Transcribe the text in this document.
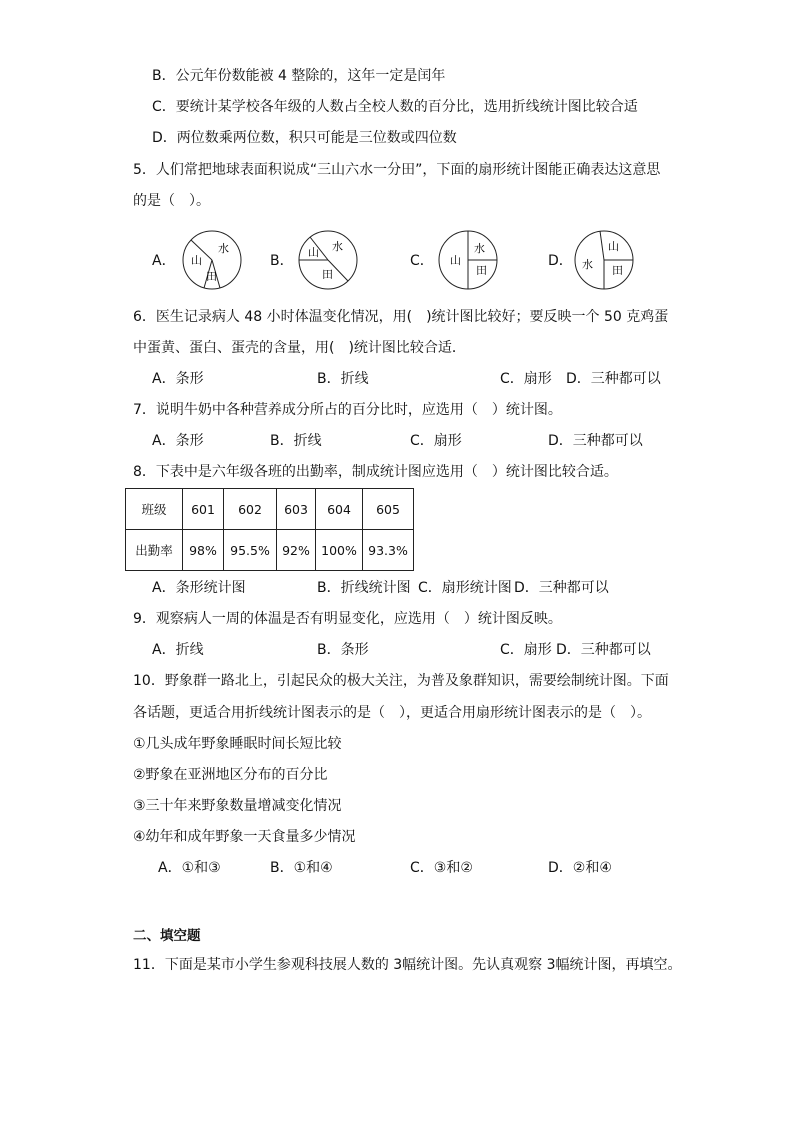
B．公元年份数能被 4 整除的，这年一定是闰年
C．要统计某学校各年级的人数占全校人数的百分比，选用折线统计图比较合适
D．两位数乘两位数，积只可能是三位数或四位数
5．人们常把地球表面积说成“三山六水一分田”，下面的扇形统计图能正确表达这意思
的是（　）。
A． 山
田
水
B．
山
田
水
C． 山
水
田
D．
山
水 田
6．医生记录病人 48 小时体温变化情况，用(　)统计图比较好；要反映一个 50 克鸡蛋
中蛋黄、蛋白、蛋壳的含量，用(　)统计图比较合适．
A．条形	B．折线	C．扇形 D．三种都可以
7．说明牛奶中各种营养成分所占的百分比时，应选用（　）统计图。
A．条形	B．折线	C．扇形	D．三种都可以
8．下表中是六年级各班的出勤率，制成统计图应选用（　）统计图比较合适。
班级	601	602	603	604	605
出勤率	98%	95.5%	92%	100%	93.3%
A．条形统计图	B．折线统计图 C．扇形统计图 D．三种都可以
9．观察病人一周的体温是否有明显变化，应选用（　）统计图反映。
A．折线	B．条形	C．扇形 D．三种都可以
10．野象群一路北上，引起民众的极大关注，为普及象群知识，需要绘制统计图。下面
各话题，更适合用折线统计图表示的是（　），更适合用扇形统计图表示的是（　）。
①几头成年野象睡眠时间长短比较
②野象在亚洲地区分布的百分比
③三十年来野象数量增减变化情况
④幼年和成年野象一天食量多少情况
A．①和③	B．①和④	C．③和②	D．②和④
二、填空题
11．下面是某市小学生参观科技展人数的 3幅统计图。先认真观察 3幅统计图，再填空。
